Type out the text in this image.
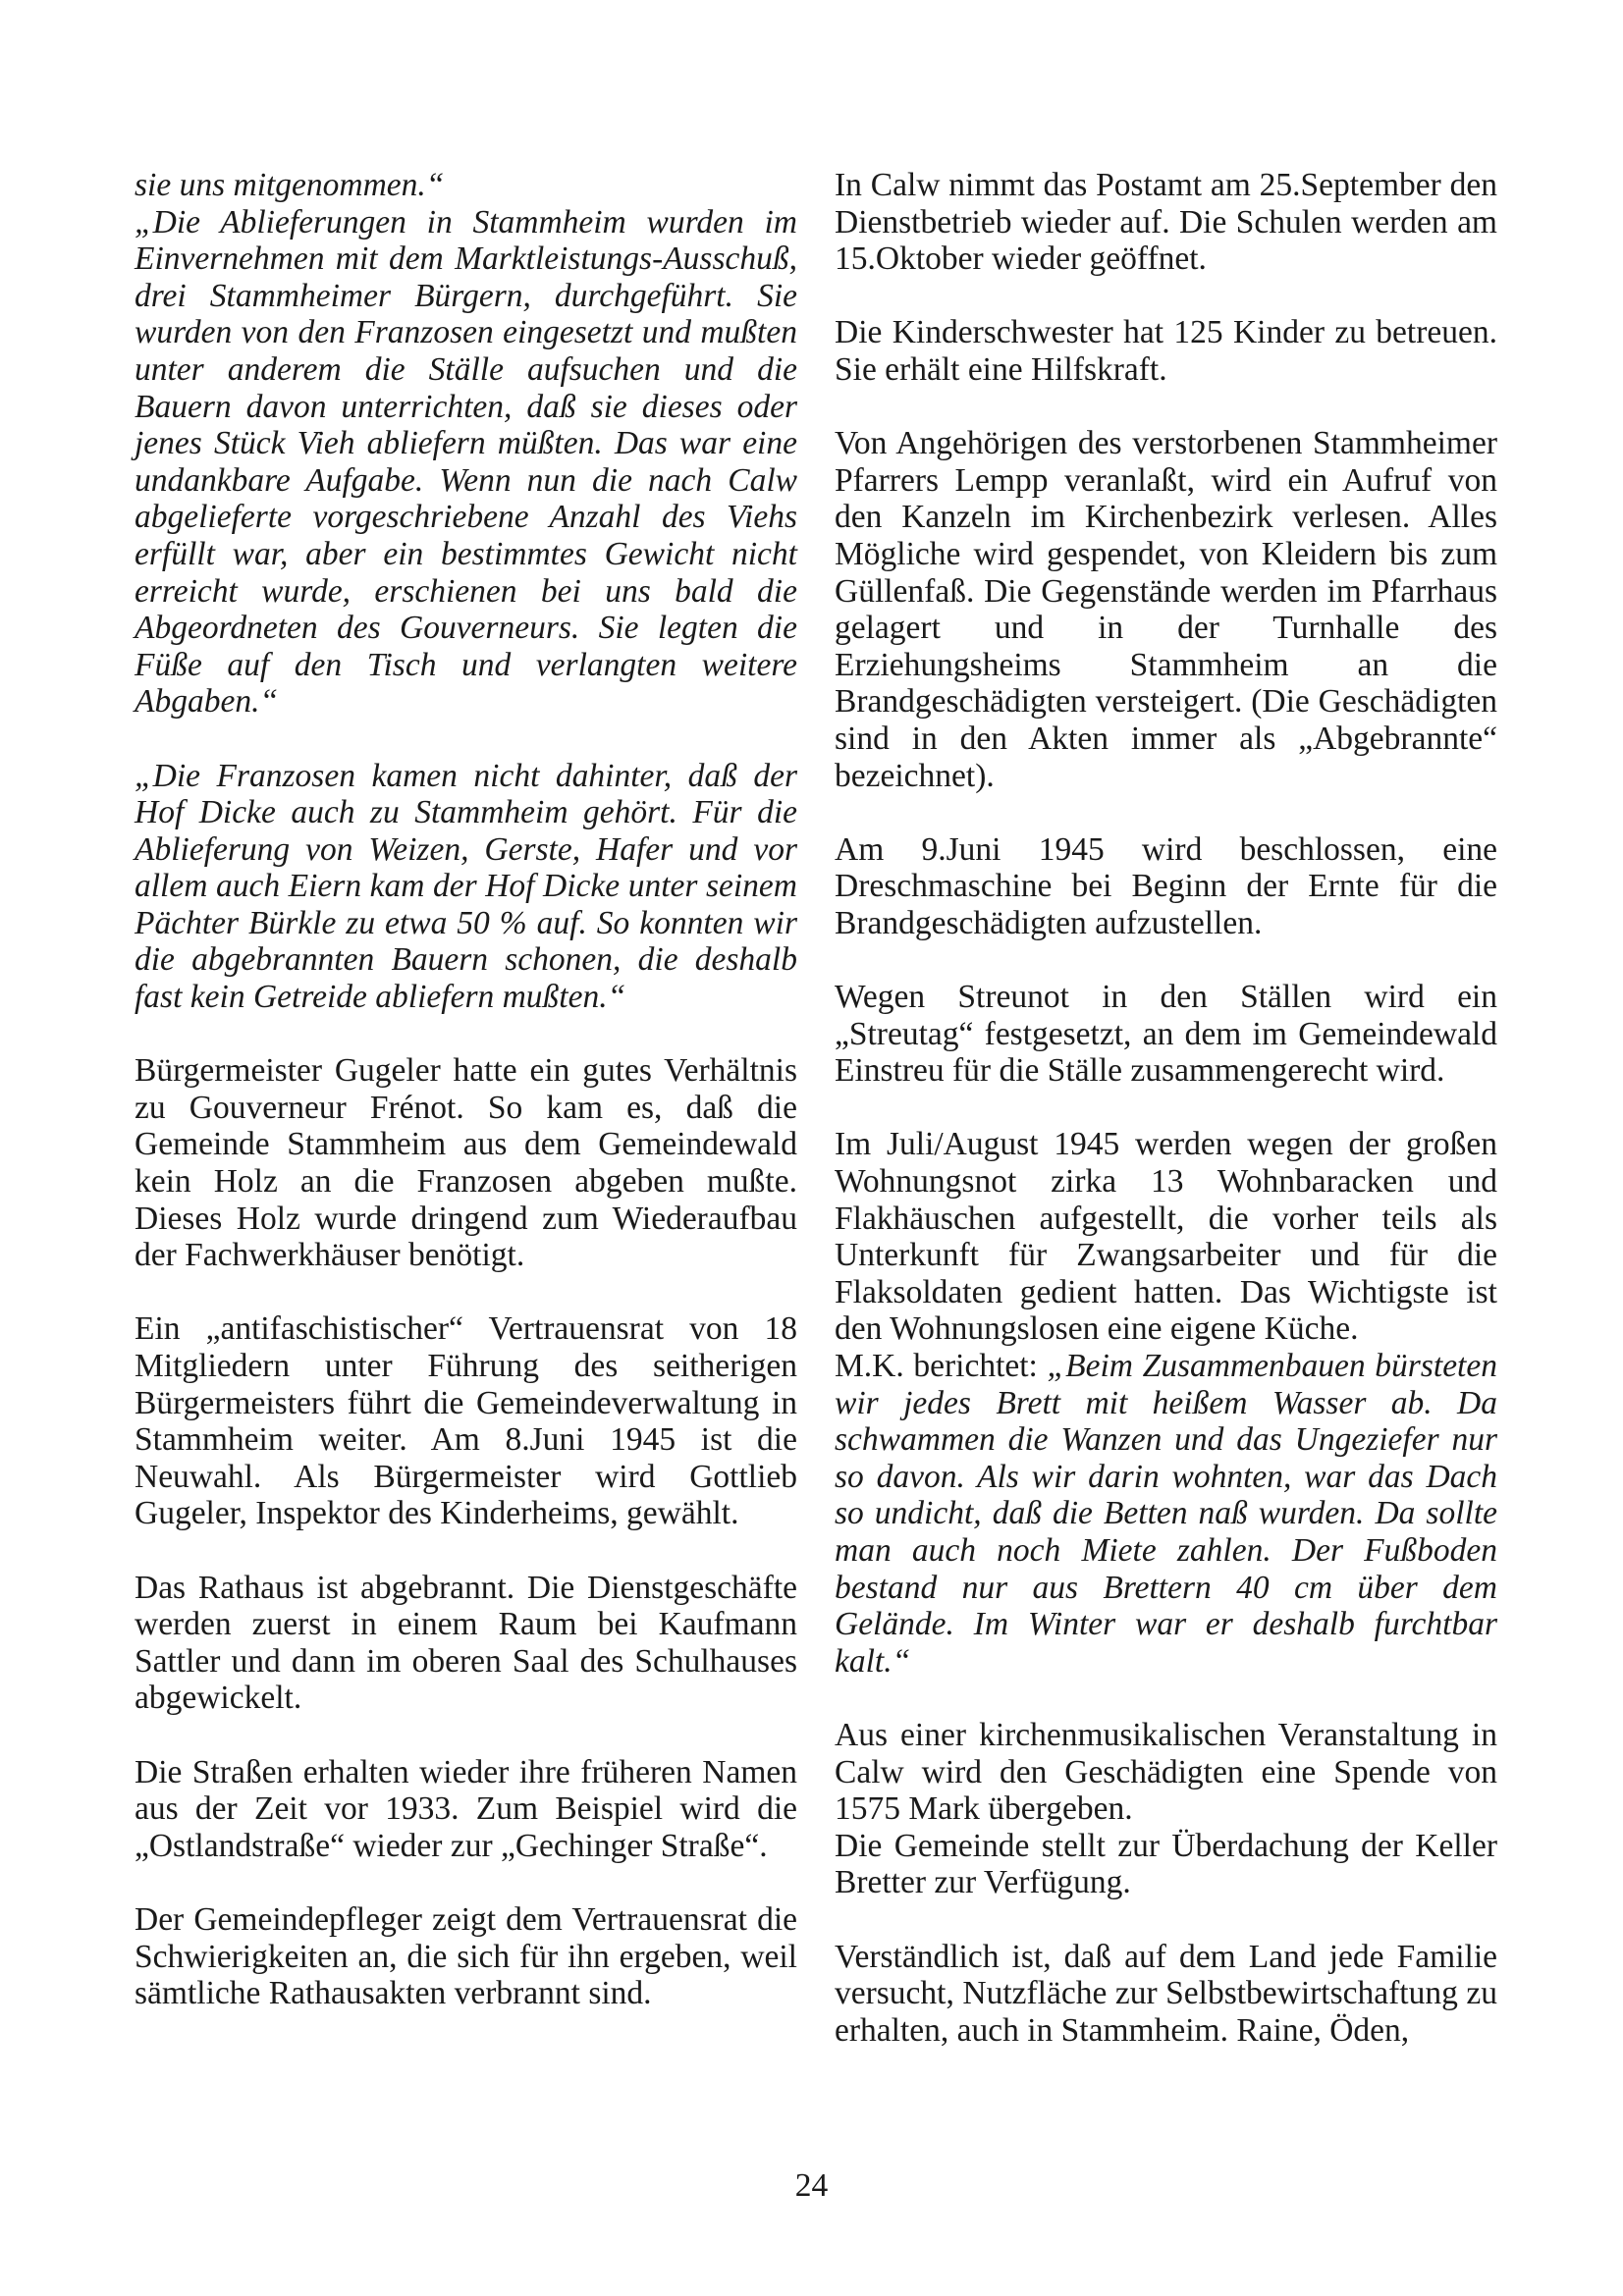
sie uns mitgenommen.“

„Die Ablieferungen in Stammheim wurden im Einvernehmen mit dem Marktleistungs-Ausschuß, drei Stammheimer Bürgern, durchgeführt. Sie wurden von den Franzosen eingesetzt und mußten unter anderem die Ställe aufsuchen und die Bauern davon unterrichten, daß sie dieses oder jenes Stück Vieh abliefern müßten. Das war eine undankbare Aufgabe. Wenn nun die nach Calw abgelieferte vorgeschriebene Anzahl des Viehs erfüllt war, aber ein bestimmtes Gewicht nicht erreicht wurde, erschienen bei uns bald die Abgeordneten des Gouverneurs. Sie legten die Füße auf den Tisch und verlangten weitere Abgaben.“

„Die Franzosen kamen nicht dahinter, daß der Hof Dicke auch zu Stammheim gehört. Für die Ablieferung von Weizen, Gerste, Hafer und vor allem auch Eiern kam der Hof Dicke unter seinem Pächter Bürkle zu etwa 50 % auf. So konnten wir die abgebrannten Bauern schonen, die deshalb fast kein Getreide abliefern mußten.“

Bürgermeister Gugeler hatte ein gutes Verhältnis zu Gouverneur Frénot. So kam es, daß die Gemeinde Stammheim aus dem Gemeindewald kein Holz an die Franzosen abgeben mußte. Dieses Holz wurde dringend zum Wiederaufbau der Fachwerkhäuser benötigt.

Ein „antifaschistischer“ Vertrauensrat von 18 Mitgliedern unter Führung des seitherigen Bürgermeisters führt die Gemeindeverwaltung in Stammheim weiter. Am 8.Juni 1945 ist die Neuwahl. Als Bürgermeister wird Gottlieb Gugeler, Inspektor des Kinderheims, gewählt.

Das Rathaus ist abgebrannt. Die Dienstgeschäfte werden zuerst in einem Raum bei Kaufmann Sattler und dann im oberen Saal des Schulhauses abgewickelt.

Die Straßen erhalten wieder ihre früheren Namen aus der Zeit vor 1933. Zum Beispiel wird die „Ostlandstraße“ wieder zur „Gechinger Straße“.

Der Gemeindepfleger zeigt dem Vertrauensrat die Schwierigkeiten an, die sich für ihn ergeben, weil sämtliche Rathausakten verbrannt sind.

In Calw nimmt das Postamt am 25.September den Dienstbetrieb wieder auf. Die Schulen werden am 15.Oktober wieder geöffnet.

Die Kinderschwester hat 125 Kinder zu betreuen. Sie erhält eine Hilfskraft.

Von Angehörigen des verstorbenen Stammheimer Pfarrers Lempp veranlaßt, wird ein Aufruf von den Kanzeln im Kirchenbezirk verlesen. Alles Mögliche wird gespendet, von Kleidern bis zum Güllenfaß. Die Gegenstände werden im Pfarrhaus gelagert und in der Turnhalle des Erziehungsheims Stammheim an die Brandgeschädigten versteigert. (Die Geschädigten sind in den Akten immer als „Abgebrannte“ bezeichnet).

Am 9.Juni 1945 wird beschlossen, eine Dreschmaschine bei Beginn der Ernte für die Brandgeschädigten aufzustellen.

Wegen Streunot in den Ställen wird ein „Streutag“ festgesetzt, an dem im Gemeindewald Einstreu für die Ställe zusammengerecht wird.

Im Juli/August 1945 werden wegen der großen Wohnungsnot zirka 13 Wohnbaracken und Flakhäuschen aufgestellt, die vorher teils als Unterkunft für Zwangsarbeiter und für die Flaksoldaten gedient hatten. Das Wichtigste ist den Wohnungslosen eine eigene Küche.

M.K. berichtet: „Beim Zusammenbauen bürsteten wir jedes Brett mit heißem Wasser ab. Da schwammen die Wanzen und das Ungeziefer nur so davon. Als wir darin wohnten, war das Dach so undicht, daß die Betten naß wurden. Da sollte man auch noch Miete zahlen. Der Fußboden bestand nur aus Brettern 40 cm über dem Gelände. Im Winter war er deshalb furchtbar kalt.“

Aus einer kirchenmusikalischen Veranstaltung in Calw wird den Geschädigten eine Spende von 1575 Mark übergeben.

Die Gemeinde stellt zur Überdachung der Keller Bretter zur Verfügung.

Verständlich ist, daß auf dem Land jede Familie versucht, Nutzfläche zur Selbstbewirtschaftung zu erhalten, auch in Stammheim. Raine, Öden,

24
